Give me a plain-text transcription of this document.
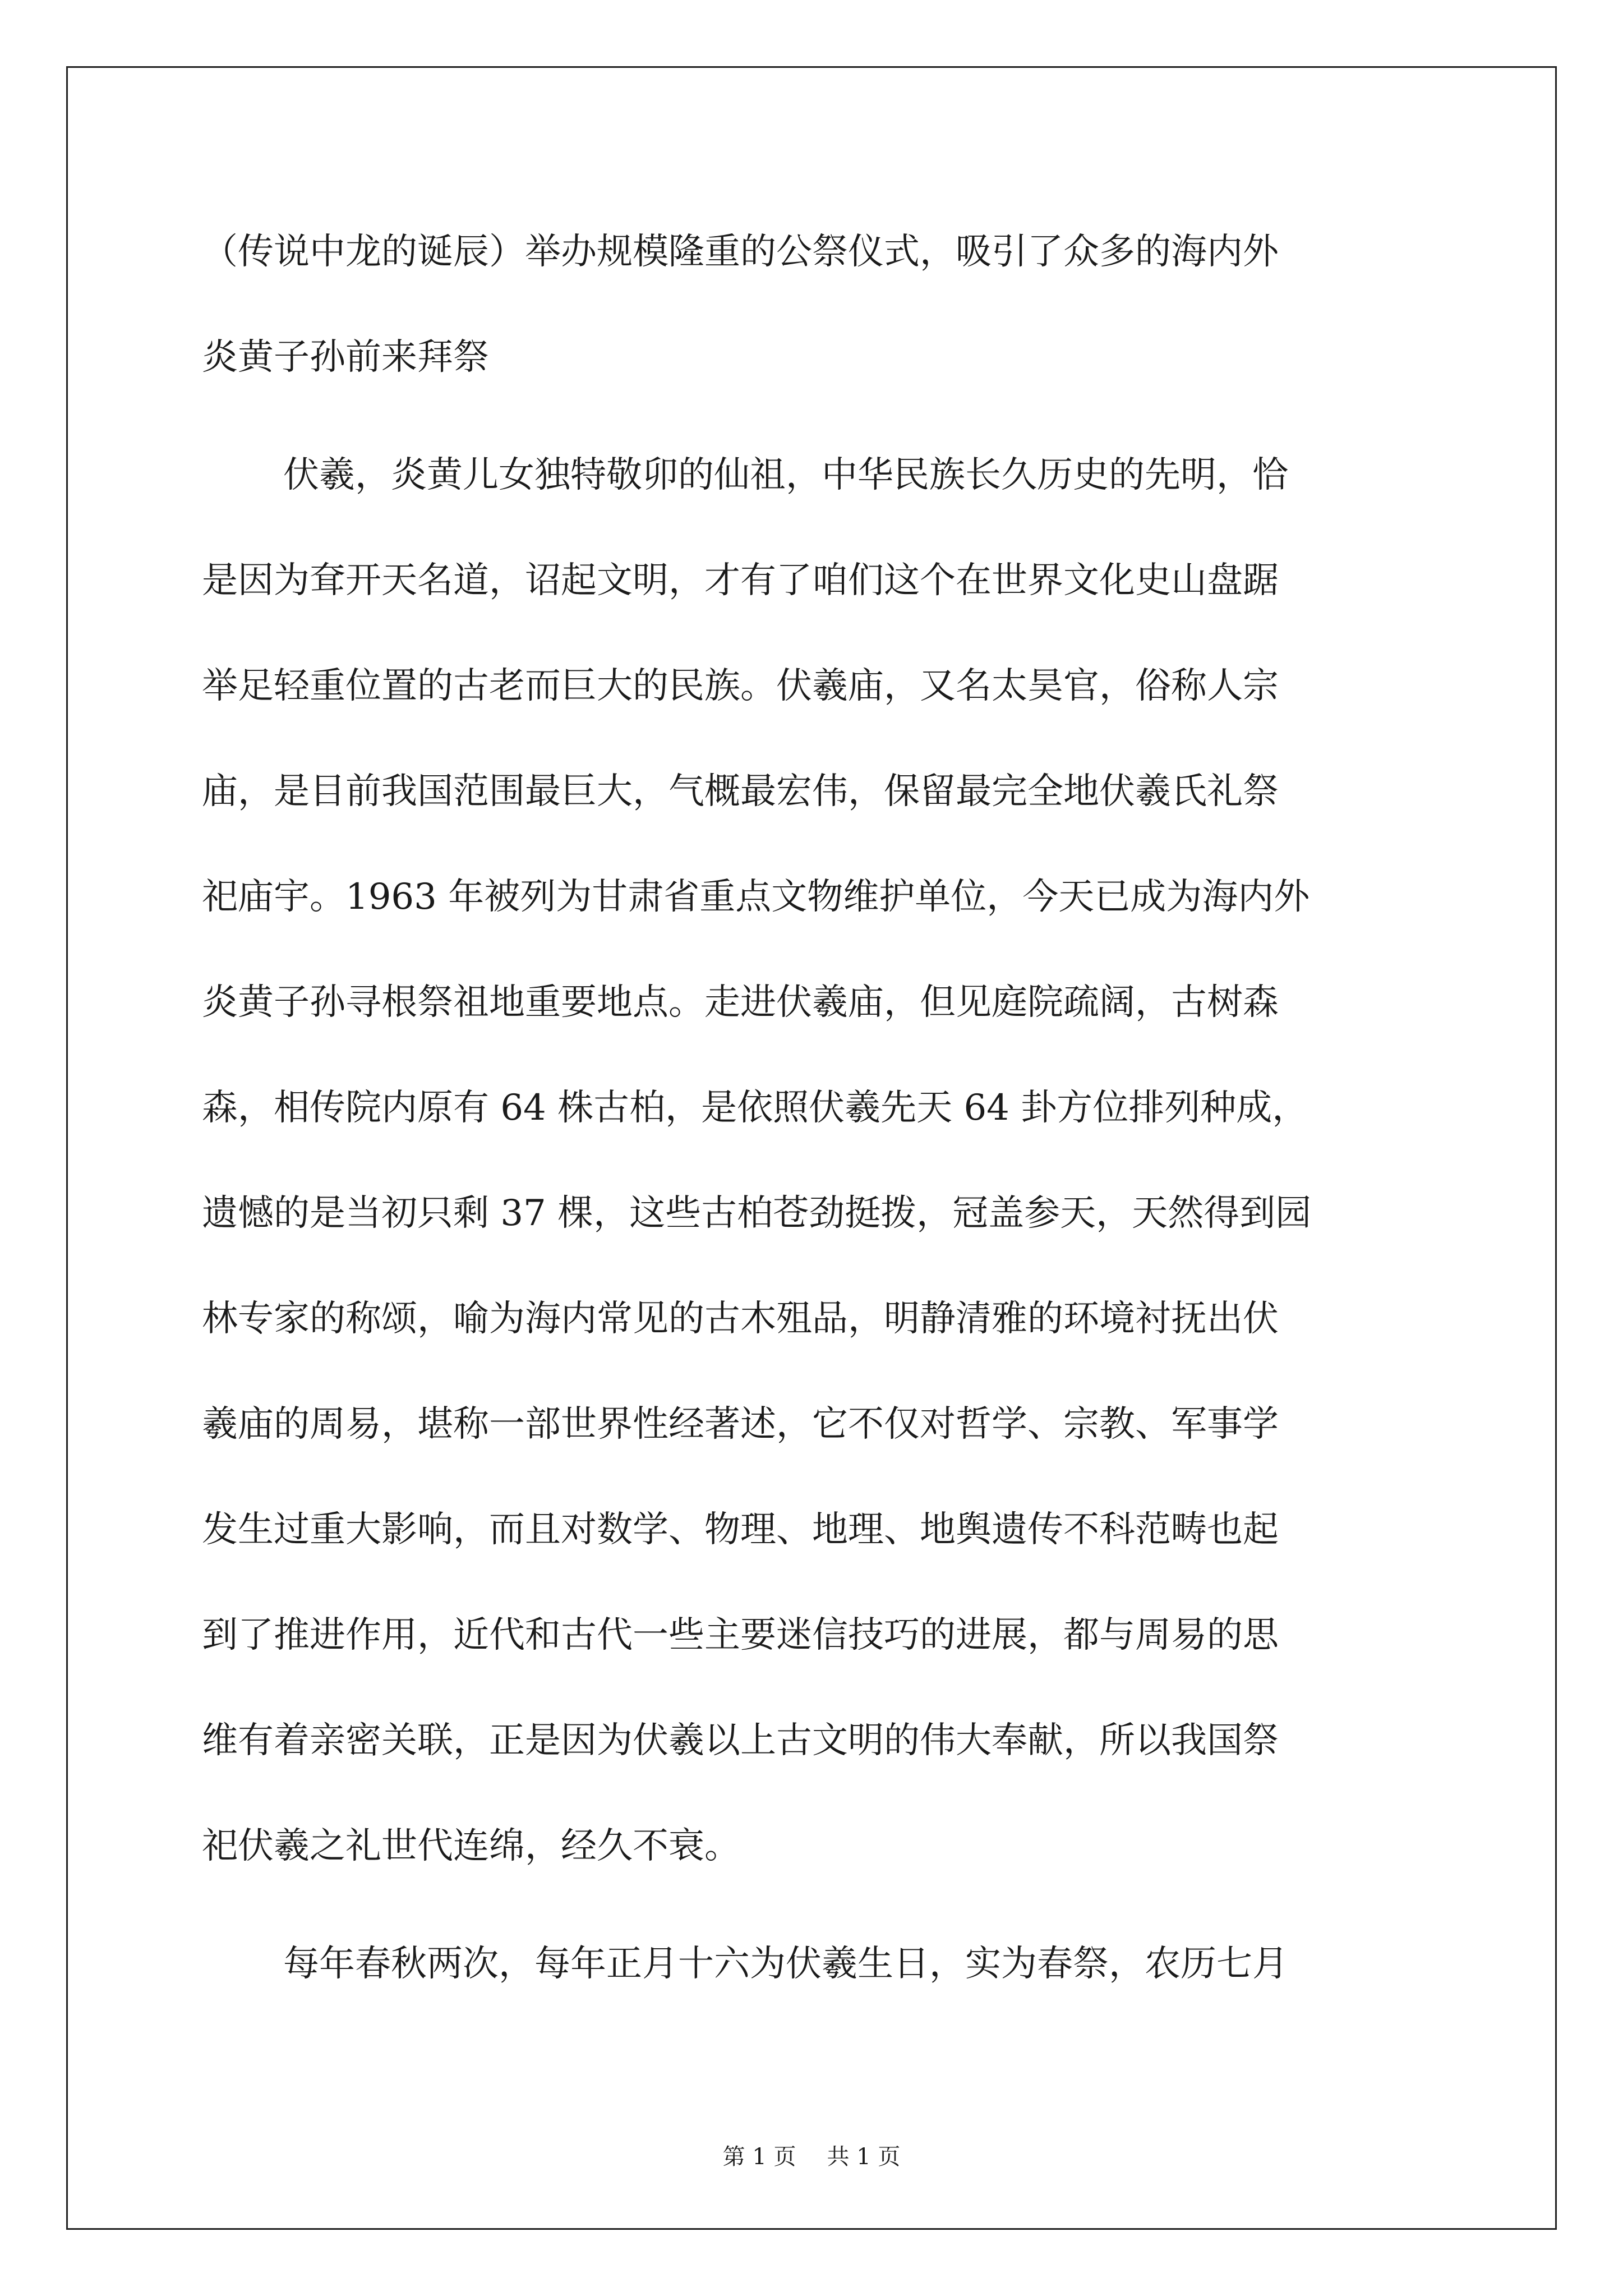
（传说中龙的诞辰）举办规模隆重的公祭仪式，吸引了众多的海内外
炎黄子孙前来拜祭
伏羲，炎黄儿女独特敬卯的仙祖，中华民族长久历史的先明，恰
是因为耷开天名道，诏起文明，才有了咱们这个在世界文化史山盘踞
举足轻重位置的古老而巨大的民族。伏羲庙，又名太昊官，俗称人宗
庙，是目前我国范围最巨大，气概最宏伟，保留最完全地伏羲氏礼祭
祀庙宇。1963 年被列为甘肃省重点文物维护单位，今天已成为海内外
炎黄子孙寻根祭祖地重要地点。走进伏羲庙，但见庭院疏阔，古树森
森，相传院内原有 64 株古柏，是依照伏羲先天 64 卦方位排列种成，
遗憾的是当初只剩 37 棵，这些古柏苍劲挺拨，冠盖参天，天然得到园
林专家的称颂，喻为海内常见的古木殂品，明静清雅的环境衬抚出伏
羲庙的周易，堪称一部世界性经著述，它不仅对哲学、宗教、军事学
发生过重大影响，而且对数学、物理、地理、地舆遗传不科范畴也起
到了推进作用，近代和古代一些主要迷信技巧的进展，都与周易的思
维有着亲密关联，正是因为伏羲以上古文明的伟大奉献，所以我国祭
祀伏羲之礼世代连绵，经久不衰。
每年春秋两次，每年正月十六为伏羲生日，实为春祭，农历七月
第 1 页 共 1 页
